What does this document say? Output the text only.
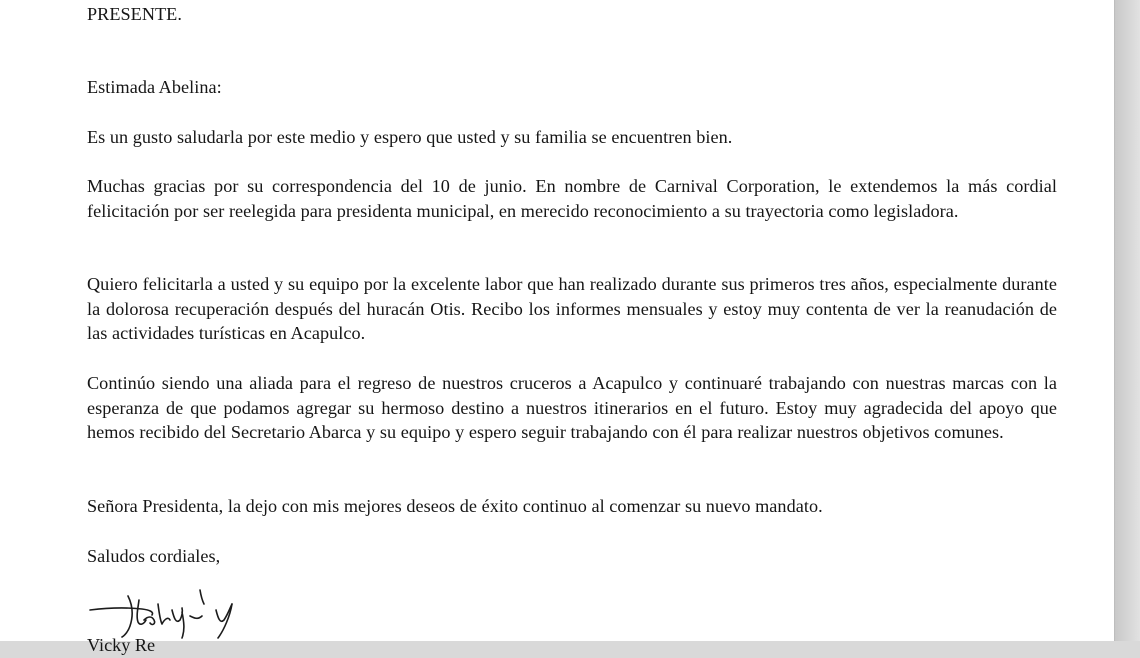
PRESENTE.

Estimada Abelina:

Es un gusto saludarla por este medio y espero que usted y su familia se encuentren bien.

Muchas gracias por su correspondencia del 10 de junio. En nombre de Carnival Corporation, le extendemos la más cordial felicitación por ser reelegida para presidenta municipal, en merecido reconocimiento a su trayectoria como legisladora.

Quiero felicitarla a usted y su equipo por la excelente labor que han realizado durante sus primeros tres años, especialmente durante la dolorosa recuperación después del huracán Otis. Recibo los informes mensuales y estoy muy contenta de ver la reanudación de las actividades turísticas en Acapulco.

Continúo siendo una aliada para el regreso de nuestros cruceros a Acapulco y continuaré trabajando con nuestras marcas con la esperanza de que podamos agregar su hermoso destino a nuestros itinerarios en el futuro. Estoy muy agradecida del apoyo que hemos recibido del Secretario Abarca y su equipo y espero seguir trabajando con él para realizar nuestros objetivos comunes.

Señora Presidenta, la dejo con mis mejores deseos de éxito continuo al comenzar su nuevo mandato.

Saludos cordiales,

Vicky Re
